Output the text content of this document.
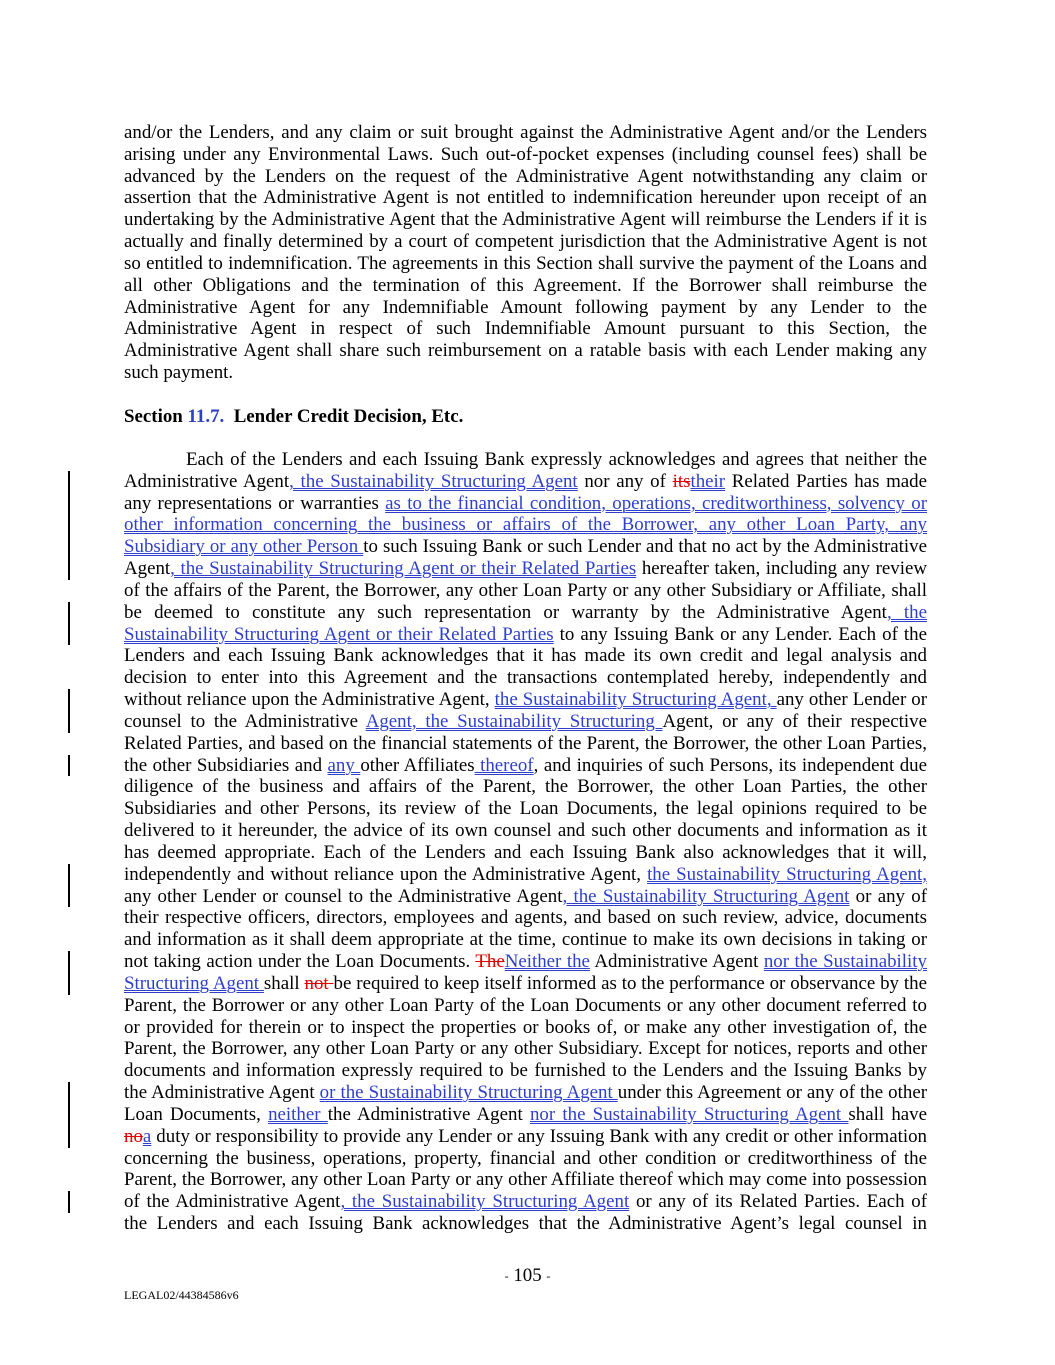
and/or the Lenders, and any claim or suit brought against the Administrative Agent and/or the Lenders
arising under any Environmental Laws. Such out-of-pocket expenses (including counsel fees) shall be
advanced by the Lenders on the request of the Administrative Agent notwithstanding any claim or
assertion that the Administrative Agent is not entitled to indemnification hereunder upon receipt of an
undertaking by the Administrative Agent that the Administrative Agent will reimburse the Lenders if it is
actually and finally determined by a court of competent jurisdiction that the Administrative Agent is not
so entitled to indemnification. The agreements in this Section shall survive the payment of the Loans and
all other Obligations and the termination of this Agreement. If the Borrower shall reimburse the
Administrative Agent for any Indemnifiable Amount following payment by any Lender to the
Administrative Agent in respect of such Indemnifiable Amount pursuant to this Section, the
Administrative Agent shall share such reimbursement on a ratable basis with each Lender making any
such payment.
Section 11.7. Lender Credit Decision, Etc.
Each of the Lenders and each Issuing Bank expressly acknowledges and agrees that neither the
Administrative Agent, the Sustainability Structuring Agent nor any of itstheir Related Parties has made
any representations or warranties as to the financial condition, operations, creditworthiness, solvency or
other information concerning the business or affairs of the Borrower, any other Loan Party, any
Subsidiary or any other Person to such Issuing Bank or such Lender and that no act by the Administrative
Agent, the Sustainability Structuring Agent or their Related Parties hereafter taken, including any review
of the affairs of the Parent, the Borrower, any other Loan Party or any other Subsidiary or Affiliate, shall
be deemed to constitute any such representation or warranty by the Administrative Agent, the
Sustainability Structuring Agent or their Related Parties to any Issuing Bank or any Lender. Each of the
Lenders and each Issuing Bank acknowledges that it has made its own credit and legal analysis and
decision to enter into this Agreement and the transactions contemplated hereby, independently and
without reliance upon the Administrative Agent, the Sustainability Structuring Agent, any other Lender or
counsel to the Administrative Agent, the Sustainability Structuring Agent, or any of their respective
Related Parties, and based on the financial statements of the Parent, the Borrower, the other Loan Parties,
the other Subsidiaries and any other Affiliates thereof, and inquiries of such Persons, its independent due
diligence of the business and affairs of the Parent, the Borrower, the other Loan Parties, the other
Subsidiaries and other Persons, its review of the Loan Documents, the legal opinions required to be
delivered to it hereunder, the advice of its own counsel and such other documents and information as it
has deemed appropriate. Each of the Lenders and each Issuing Bank also acknowledges that it will,
independently and without reliance upon the Administrative Agent, the Sustainability Structuring Agent,
any other Lender or counsel to the Administrative Agent, the Sustainability Structuring Agent or any of
their respective officers, directors, employees and agents, and based on such review, advice, documents
and information as it shall deem appropriate at the time, continue to make its own decisions in taking or
not taking action under the Loan Documents. TheNeither the Administrative Agent nor the Sustainability
Structuring Agent shall not be required to keep itself informed as to the performance or observance by the
Parent, the Borrower or any other Loan Party of the Loan Documents or any other document referred to
or provided for therein or to inspect the properties or books of, or make any other investigation of, the
Parent, the Borrower, any other Loan Party or any other Subsidiary. Except for notices, reports and other
documents and information expressly required to be furnished to the Lenders and the Issuing Banks by
the Administrative Agent or the Sustainability Structuring Agent under this Agreement or any of the other
Loan Documents, neither the Administrative Agent nor the Sustainability Structuring Agent shall have
noa duty or responsibility to provide any Lender or any Issuing Bank with any credit or other information
concerning the business, operations, property, financial and other condition or creditworthiness of the
Parent, the Borrower, any other Loan Party or any other Affiliate thereof which may come into possession
of the Administrative Agent, the Sustainability Structuring Agent or any of its Related Parties. Each of
the Lenders and each Issuing Bank acknowledges that the Administrative Agent’s legal counsel in
- 105 -
LEGAL02/44384586v6
